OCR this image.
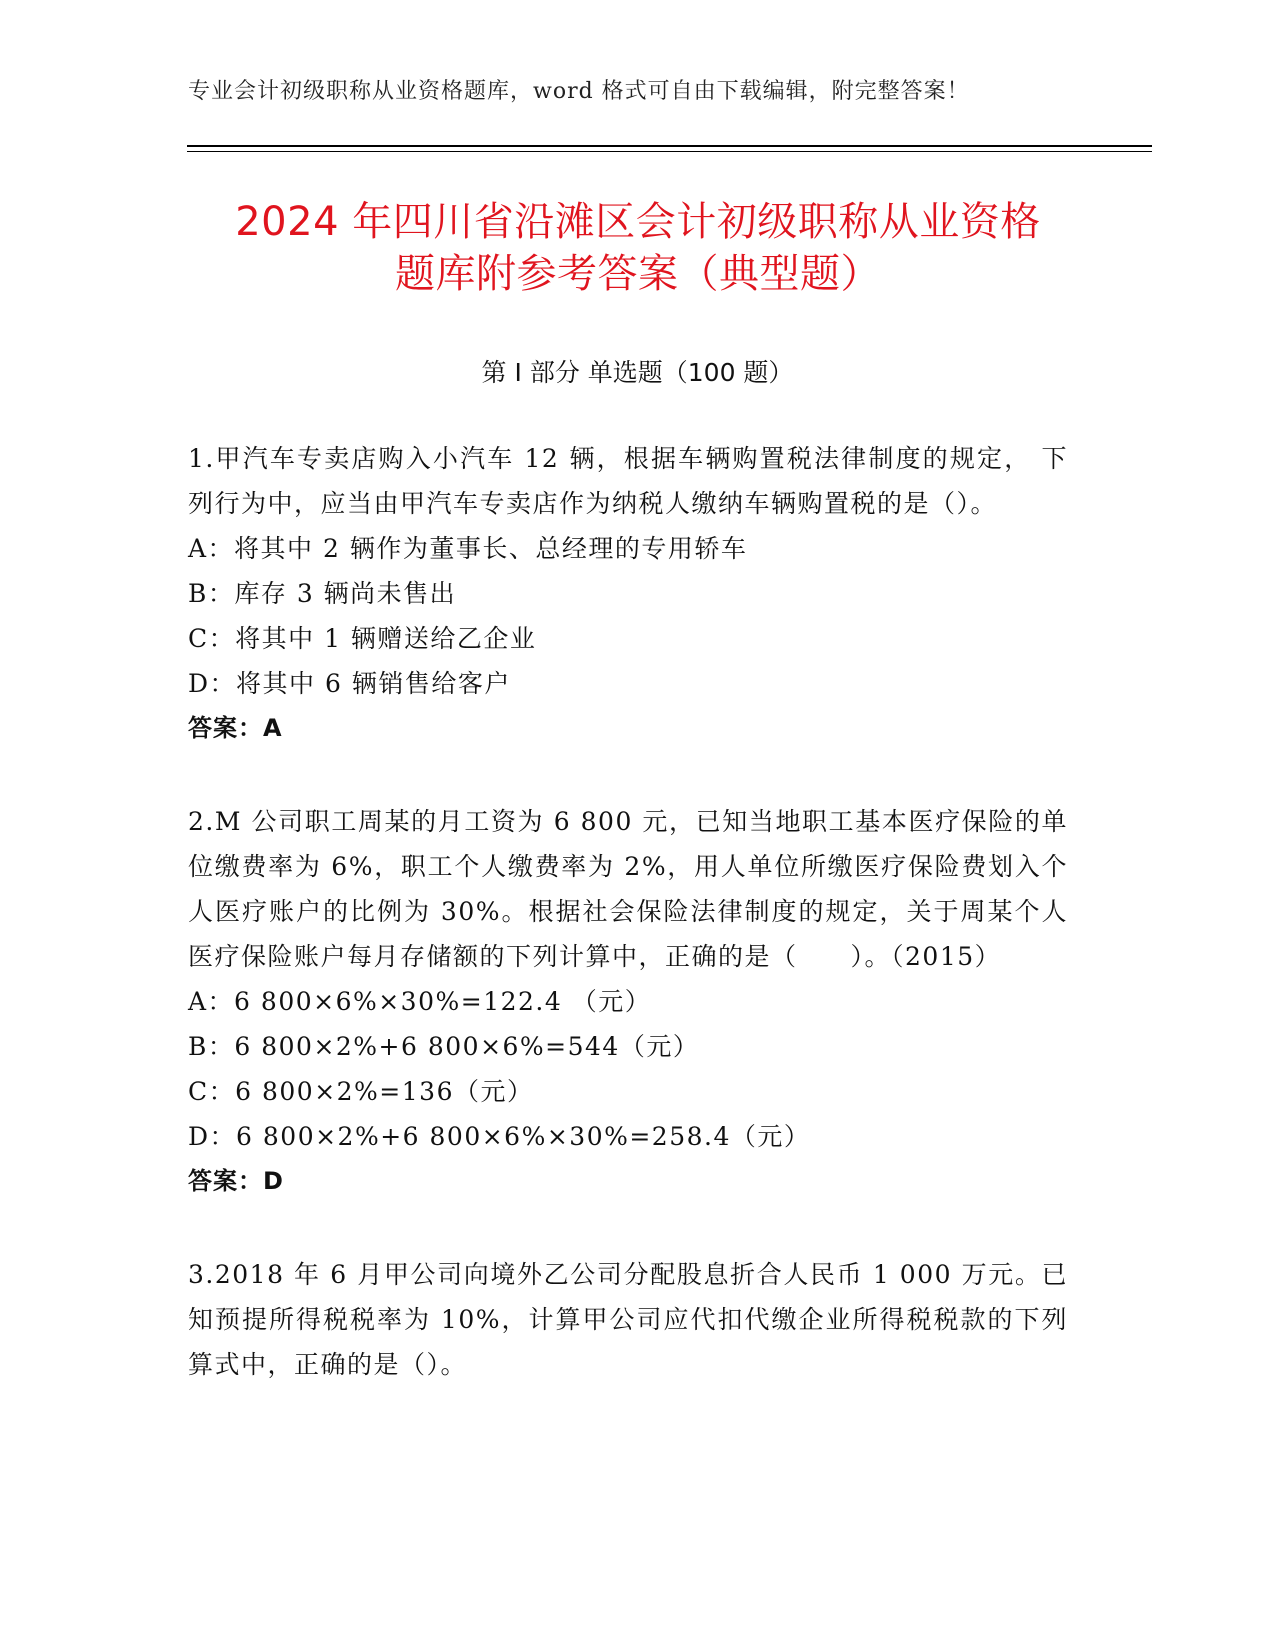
专业会计初级职称从业资格题库，word 格式可自由下载编辑，附完整答案！
2024 年四川省沿滩区会计初级职称从业资格
题库附参考答案（典型题）
第 I 部分 单选题（100 题）

1.甲汽车专卖店购入小汽车 12 辆，根据车辆购置税法律制度的规定， 下列行为中，应当由甲汽车专卖店作为纳税人缴纳车辆购置税的是（）。

A：将其中 2 辆作为董事长、总经理的专用轿车

B：库存 3 辆尚未售出

C：将其中 1 辆赠送给乙企业

D：将其中 6 辆销售给客户

答案：A

2.M 公司职工周某的月工资为 6 800 元，已知当地职工基本医疗保险的单位缴费率为 6%，职工个人缴费率为 2%，用人单位所缴医疗保险费划入个人医疗账户的比例为 30%。根据社会保险法律制度的规定，关于周某个人医疗保险账户每月存储额的下列计算中，正确的是（　　）。（2015）

A：6 800×6%×30%=122.4 （元）

B：6 800×2%+6 800×6%=544（元）

C：6 800×2%=136（元）

D：6 800×2%+6 800×6%×30%=258.4（元）

答案：D

3.2018 年 6 月甲公司向境外乙公司分配股息折合人民币 1 000 万元。已知预提所得税税率为 10%，计算甲公司应代扣代缴企业所得税税款的下列算式中，正确的是（）。
